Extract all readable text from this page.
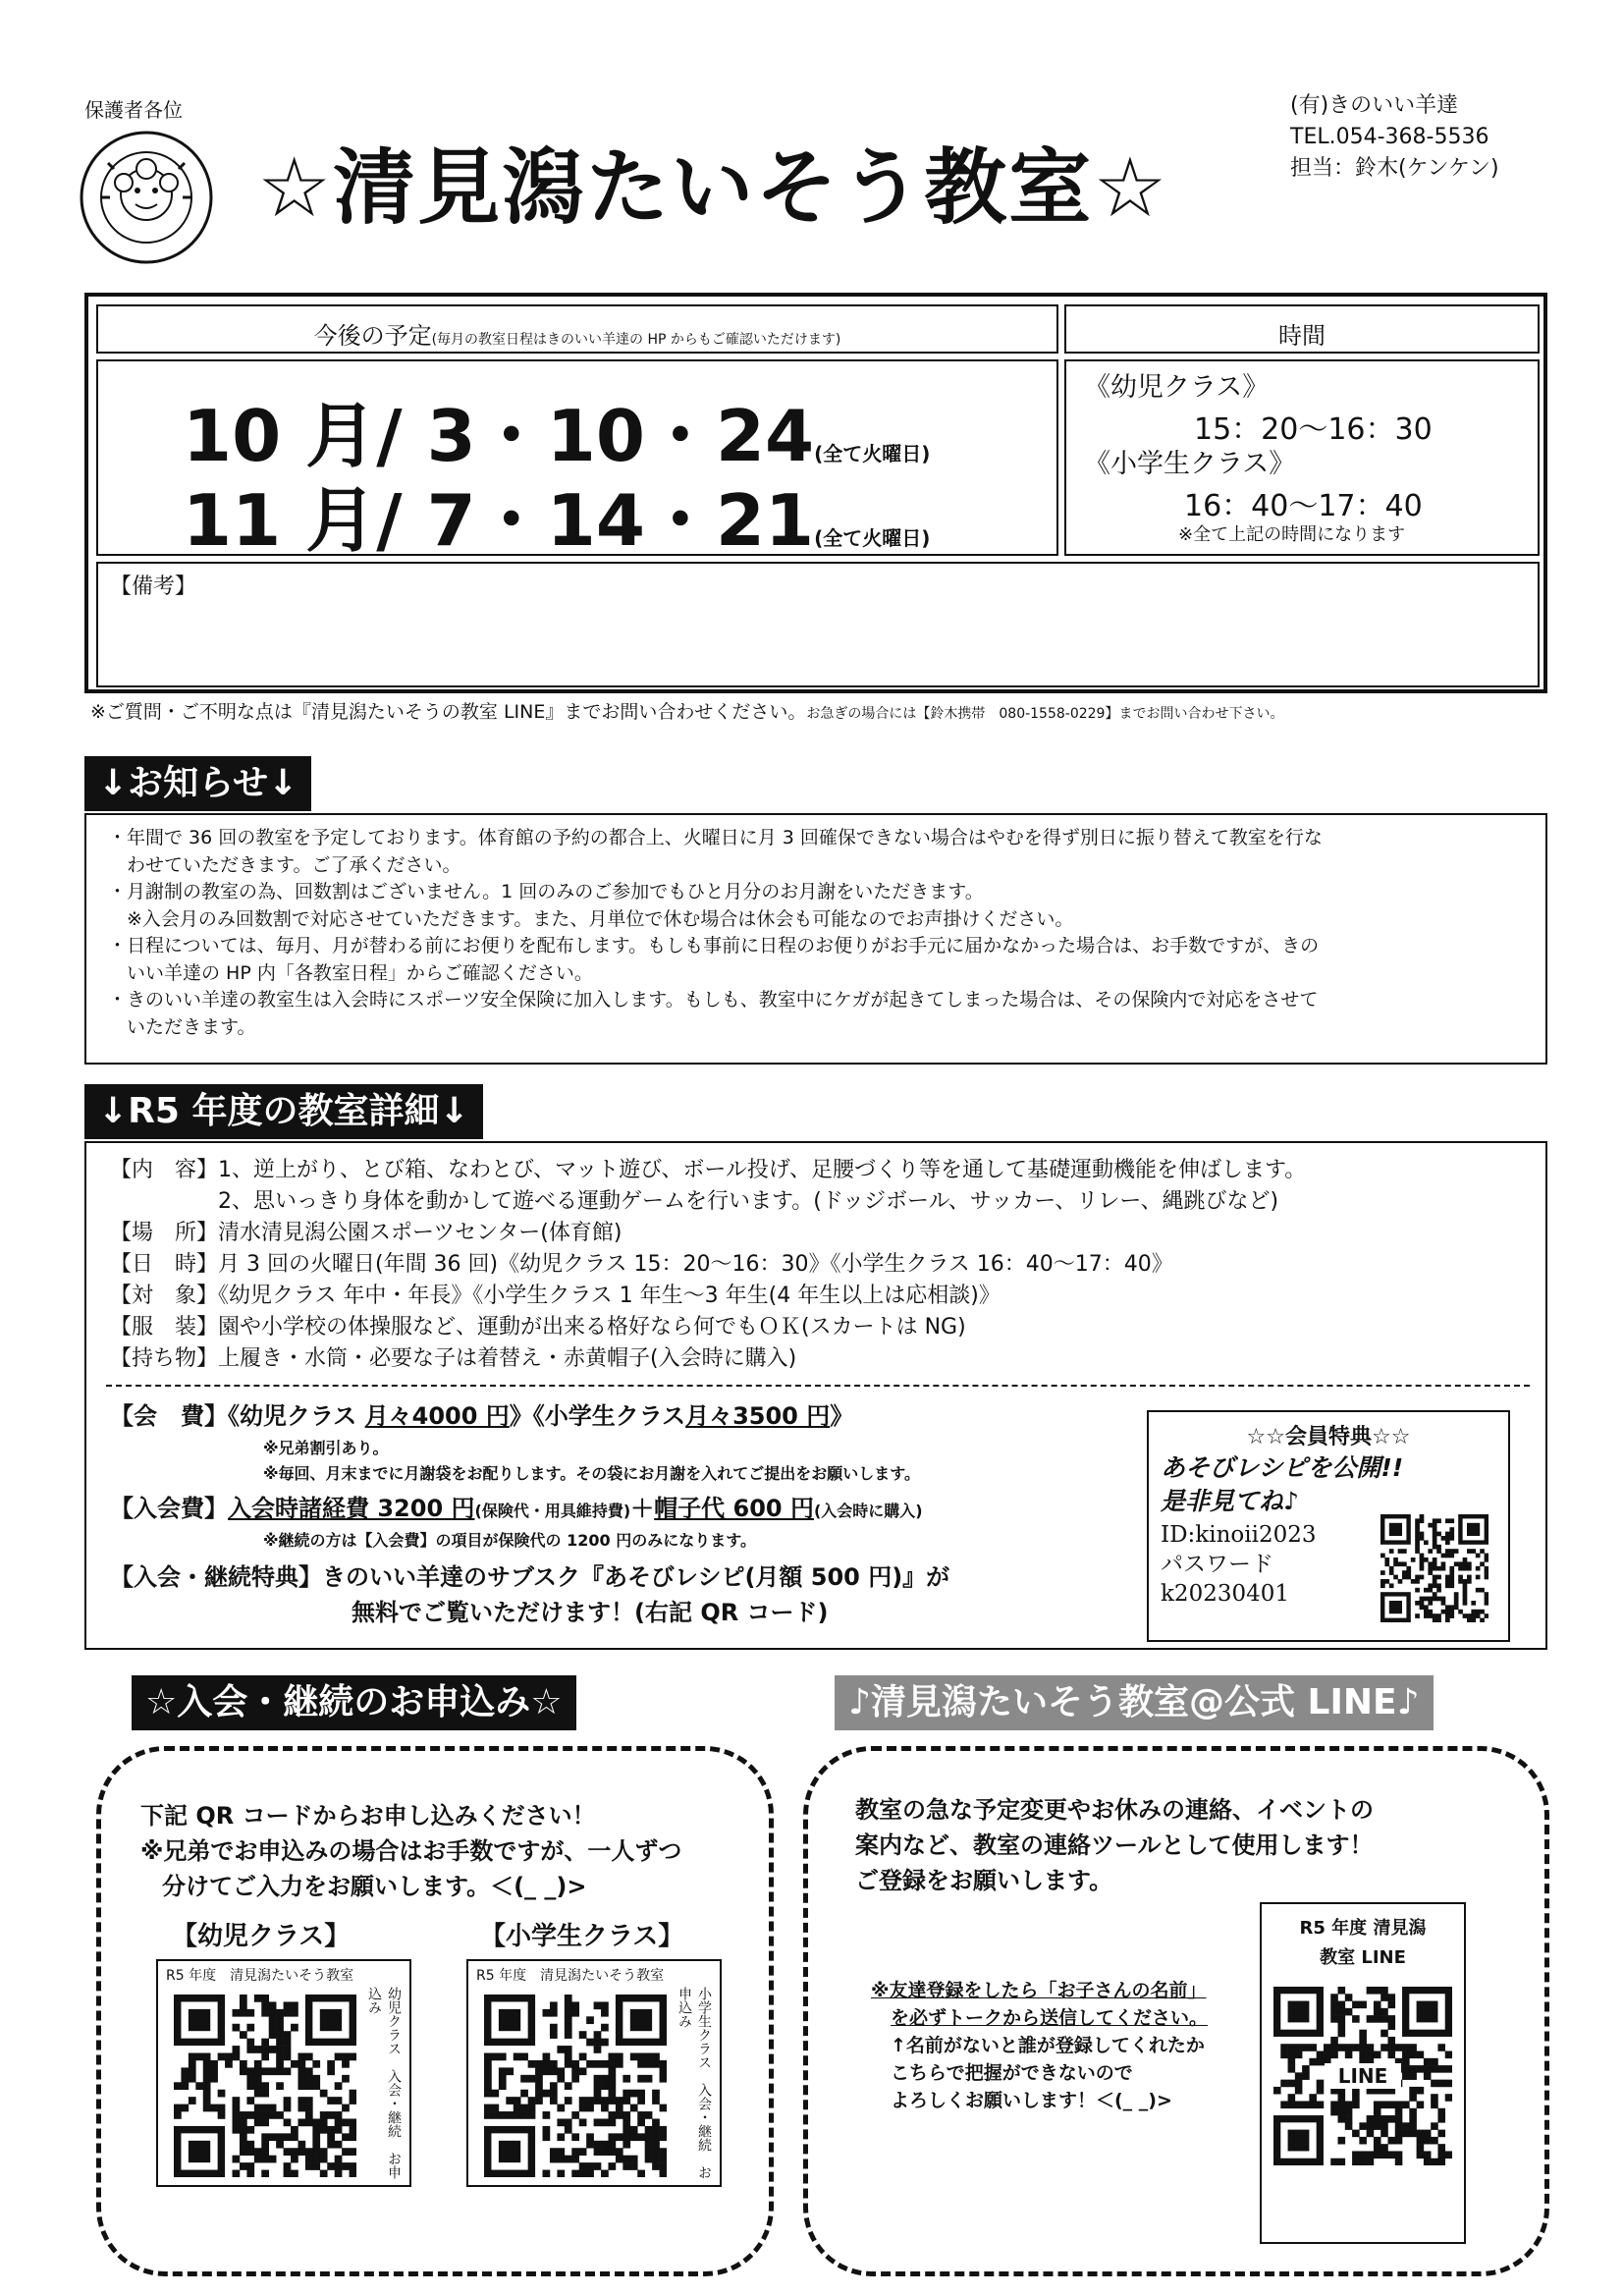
保護者各位
☆清見潟たいそう教室☆
(有)きのいい羊達
TEL.054-368-5536
担当：鈴木(ケンケン)
今後の予定(毎月の教室日程はきのいい羊達の HP からもご確認いただけます)	時間
10 月/ 3・10・24(全て火曜日)
11 月/ 7・14・21(全て火曜日)
《幼児クラス》
15：20〜16：30
《小学生クラス》
16：40〜17：40
※全て上記の時間になります
【備考】
※ご質問・ご不明な点は『清見潟たいそうの教室 LINE』までお問い合わせください。お急ぎの場合には【鈴木携帯　080-1558-0229】までお問い合わせ下さい。
↓お知らせ↓
・年間で 36 回の教室を予定しております。体育館の予約の都合上、火曜日に月 3 回確保できない場合はやむを得ず別日に振り替えて教室を行な
　わせていただきます。ご了承ください。
・月謝制の教室の為、回数割はございません。1 回のみのご参加でもひと月分のお月謝をいただきます。
　※入会月のみ回数割で対応させていただきます。また、月単位で休む場合は休会も可能なのでお声掛けください。
・日程については、毎月、月が替わる前にお便りを配布します。もしも事前に日程のお便りがお手元に届かなかった場合は、お手数ですが、きの
　いい羊達の HP 内「各教室日程」からご確認ください。
・きのいい羊達の教室生は入会時にスポーツ安全保険に加入します。もしも、教室中にケガが起きてしまった場合は、その保険内で対応をさせて
　いただきます。
↓R5 年度の教室詳細↓
【内　容】1、逆上がり、とび箱、なわとび、マット遊び、ボール投げ、足腰づくり等を通して基礎運動機能を伸ばします。
　　　　　2、思いっきり身体を動かして遊べる運動ゲームを行います。(ドッジボール、サッカー、リレー、縄跳びなど)
【場　所】清水清見潟公園スポーツセンター(体育館)
【日　時】月 3 回の火曜日(年間 36 回)《幼児クラス 15：20〜16：30》《小学生クラス 16：40〜17：40》
【対　象】《幼児クラス 年中・年長》《小学生クラス 1 年生〜3 年生(4 年生以上は応相談)》
【服　装】園や小学校の体操服など、運動が出来る格好なら何でもＯＫ(スカートは NG)
【持ち物】上履き・水筒・必要な子は着替え・赤黄帽子(入会時に購入)
【会　費】《幼児クラス 月々4000 円》《小学生クラス月々3500 円》
※兄弟割引あり。
※毎回、月末までに月謝袋をお配りします。その袋にお月謝を入れてご提出をお願いします。
【入会費】入会時諸経費 3200 円(保険代・用具維持費)＋帽子代 600 円(入会時に購入)
※継続の方は【入会費】の項目が保険代の 1200 円のみになります。
【入会・継続特典】きのいい羊達のサブスク『あそびレシピ(月額 500 円)』が
無料でご覧いただけます！(右記 QR コード)
☆☆会員特典☆☆
あそびレシピを公開!!
是非見てね♪
ID:kinoii2023
パスワード
k20230401
☆入会・継続のお申込み☆
下記 QR コードからお申し込みください！
※兄弟でお申込みの場合はお手数ですが、一人ずつ
分けてご入力をお願いします。＜(_ _)>
【幼児クラス】	【小学生クラス】
R5 年度　清見潟たいそう教室
幼児クラス　入会・継続　お申込み
R5 年度　清見潟たいそう教室
小学生クラス　入会・継続　お申込み
♪清見潟たいそう教室@公式 LINE♪
教室の急な予定変更やお休みの連絡、イベントの
案内など、教室の連絡ツールとして使用します！
ご登録をお願いします。
※友達登録をしたら「お子さんの名前」
を必ずトークから送信してください。
↑名前がないと誰が登録してくれたか
こちらで把握ができないので
よろしくお願いします！＜(_ _)>
R5 年度 清見潟
教室 LINE
LINE
